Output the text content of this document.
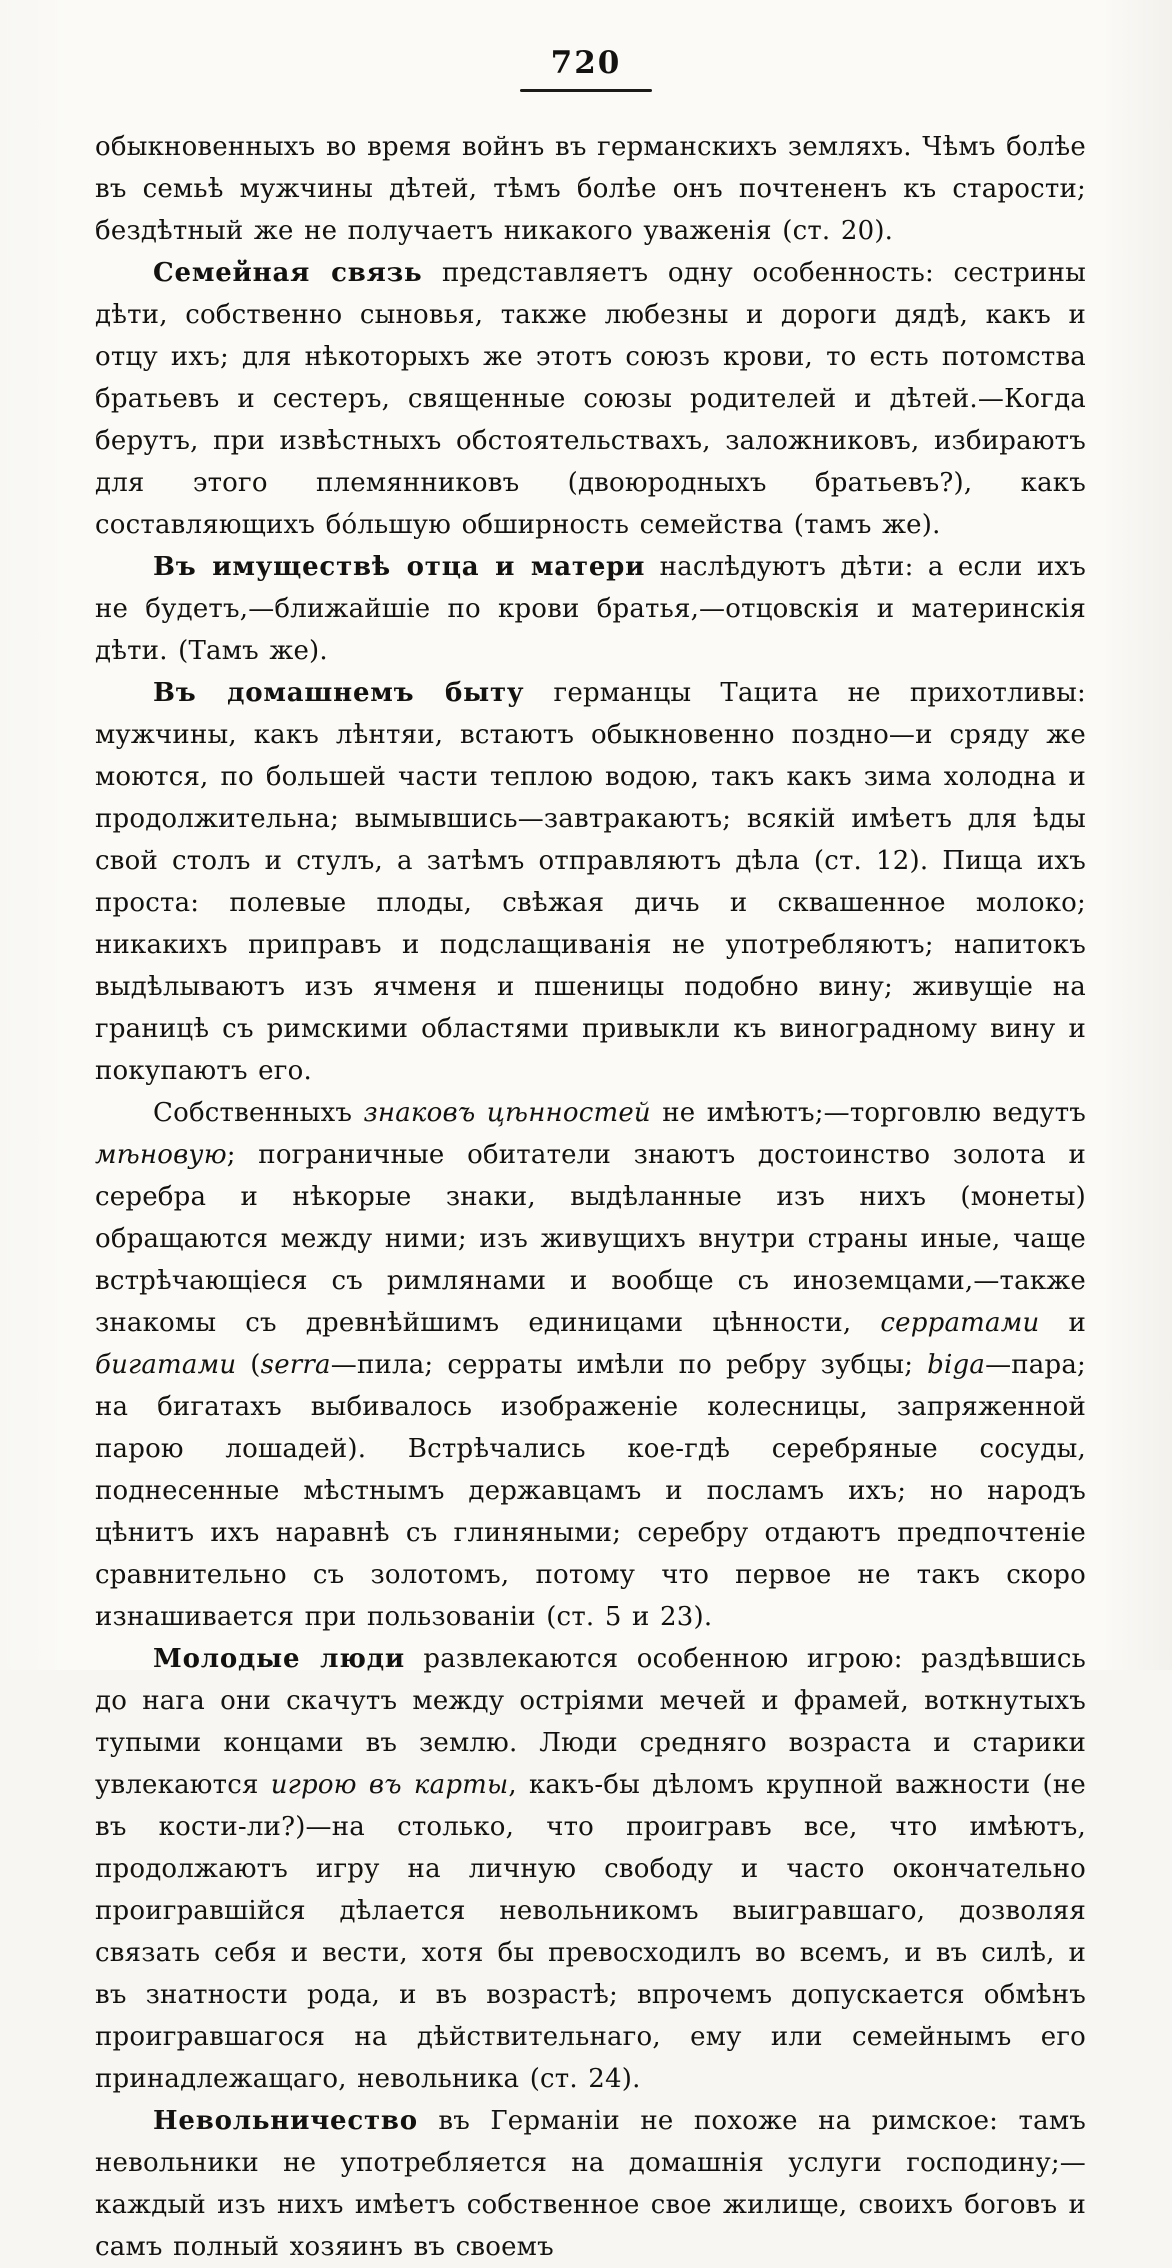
720

обыкновенныхъ во время войнъ въ германскихъ земляхъ. Чѣмъ болѣе въ семьѣ мужчины дѣтей, тѣмъ болѣе онъ почтененъ къ старости; бездѣтный же не получаетъ никакого уваженія (ст. 20).

Семейная связь представляетъ одну особенность: сестрины дѣти, собственно сыновья, также любезны и дороги дядѣ, какъ и отцу ихъ; для нѣкоторыхъ же этотъ союзъ крови, то есть потомства братьевъ и сестеръ, священные союзы родителей и дѣтей.—Когда берутъ, при извѣстныхъ обстоятельствахъ, заложниковъ, избираютъ для этого племянниковъ (двоюродныхъ братьевъ?), какъ составляющихъ бо́льшую обширность семейства (тамъ же).

Въ имуществѣ отца и матери наслѣдуютъ дѣти: а если ихъ не будетъ,—ближайшіе по крови братья,—отцовскія и материнскія дѣти. (Тамъ же).

Въ домашнемъ быту германцы Тацита не прихотливы: мужчины, какъ лѣнтяи, встаютъ обыкновенно поздно—и сряду же моются, по большей части теплою водою, такъ какъ зима холодна и продолжительна; вымывшись—завтракаютъ; всякій имѣетъ для ѣды свой столъ и стулъ, а затѣмъ отправляютъ дѣла (ст. 12). Пища ихъ проста: полевые плоды, свѣжая дичь и сквашенное молоко; никакихъ приправъ и подслащиванія не употребляютъ; напитокъ выдѣлываютъ изъ ячменя и пшеницы подобно вину; живущіе на границѣ съ римскими областями привыкли къ виноградному вину и покупаютъ его.

Собственныхъ знаковъ цѣнностей не имѣютъ;—торговлю ведутъ мѣновую; пограничные обитатели знаютъ достоинство золота и серебра и нѣкорые знаки, выдѣланные изъ нихъ (монеты) обращаются между ними; изъ живущихъ внутри страны иные, чаще встрѣчающіеся съ римлянами и вообще съ иноземцами,—также знакомы съ древнѣйшимъ единицами цѣнности, серратами и бигатами (serra—пила; серраты имѣли по ребру зубцы; biga—пара; на бигатахъ выбивалось изображеніе колесницы, запряженной парою лошадей). Встрѣчались кое-гдѣ серебряные сосуды, поднесенные мѣстнымъ державцамъ и посламъ ихъ; но народъ цѣнитъ ихъ наравнѣ съ глиняными; серебру отдаютъ предпочтеніе сравнительно съ золотомъ, потому что первое не такъ скоро изнашивается при пользованіи (ст. 5 и 23).

Молодые люди развлекаются особенною игрою: раздѣвшись до нага они скачутъ между остріями мечей и фрамей, воткнутыхъ тупыми концами въ землю. Люди средняго возраста и старики увлекаются игрою въ карты, какъ-бы дѣломъ крупной важности (не въ кости-ли?)—на столько, что проигравъ все, что имѣютъ, продолжаютъ игру на личную свободу и часто окончательно проигравшійся дѣлается невольникомъ выигравшаго, дозволяя связать себя и вести, хотя бы превосходилъ во всемъ, и въ силѣ, и въ знатности рода, и въ возрастѣ; впрочемъ допускается обмѣнъ проигравшагося на дѣйствительнаго, ему или семейнымъ его принадлежащаго, невольника (ст. 24).

Невольничество въ Германіи не похоже на римское: тамъ невольники не употребляется на домашнія услуги господину;—каждый изъ нихъ имѣетъ собственное свое жилище, своихъ боговъ и самъ полный хозяинъ въ своемъ
